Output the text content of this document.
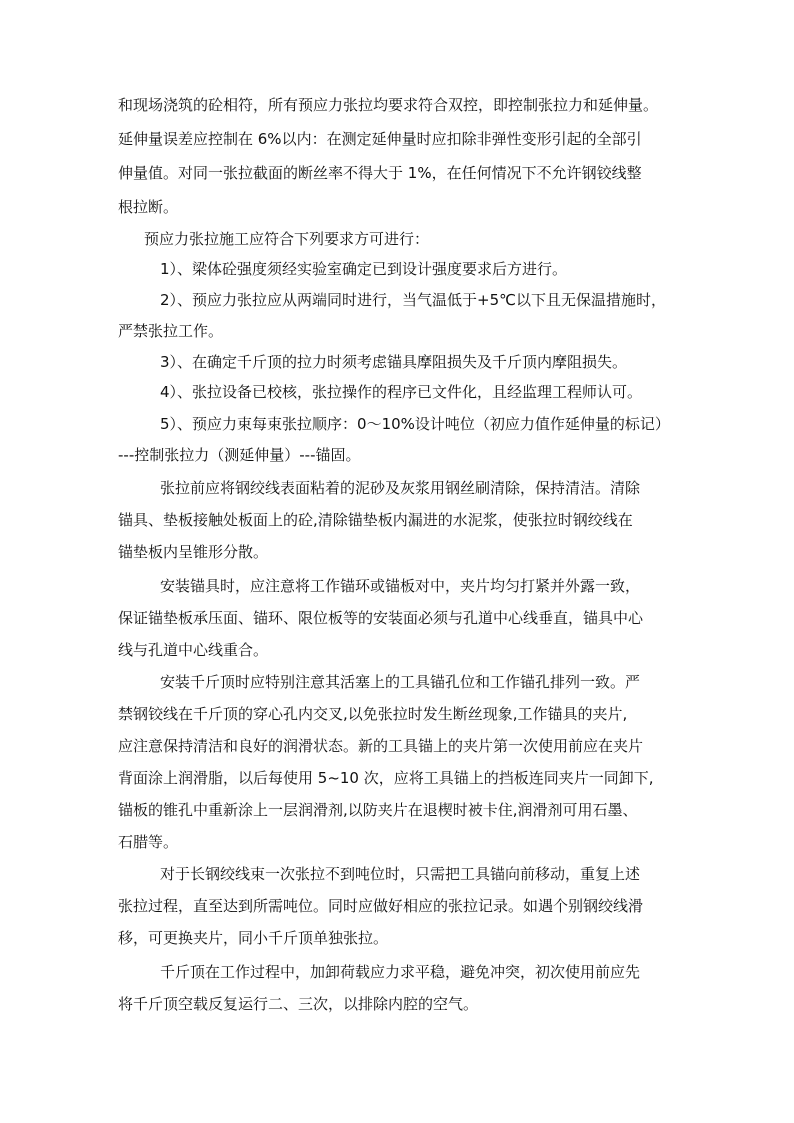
和现场浇筑的砼相符，所有预应力张拉均要求符合双控，即控制张拉力和延伸量。
延伸量误差应控制在 6%以内：在测定延伸量时应扣除非弹性变形引起的全部引
伸量值。对同一张拉截面的断丝率不得大于 1%，在任何情况下不允许钢铰线整
根拉断。
预应力张拉施工应符合下列要求方可进行：
1）、梁体砼强度须经实验室确定已到设计强度要求后方进行。
2）、预应力张拉应从两端同时进行，当气温低于+5℃以下且无保温措施时，
严禁张拉工作。
3）、在确定千斤顶的拉力时须考虑锚具摩阻损失及千斤顶内摩阻损失。
4）、张拉设备已校核，张拉操作的程序已文件化，且经监理工程师认可。
5）、预应力束每束张拉顺序：0～10%设计吨位（初应力值作延伸量的标记）
---控制张拉力（测延伸量）---锚固。
张拉前应将钢绞线表面粘着的泥砂及灰浆用钢丝刷清除，保持清洁。清除
锚具、垫板接触处板面上的砼,清除锚垫板内漏进的水泥浆，使张拉时钢绞线在
锚垫板内呈锥形分散。
安装锚具时，应注意将工作锚环或锚板对中，夹片均匀打紧并外露一致，
保证锚垫板承压面、锚环、限位板等的安装面必须与孔道中心线垂直，锚具中心
线与孔道中心线重合。
安装千斤顶时应特别注意其活塞上的工具锚孔位和工作锚孔排列一致。严
禁钢铰线在千斤顶的穿心孔内交叉,以免张拉时发生断丝现象,工作锚具的夹片,
应注意保持清洁和良好的润滑状态。新的工具锚上的夹片第一次使用前应在夹片
背面涂上润滑脂，以后每使用 5~10 次，应将工具锚上的挡板连同夹片一同卸下,
锚板的锥孔中重新涂上一层润滑剂,以防夹片在退楔时被卡住,润滑剂可用石墨、
石腊等。
对于长钢绞线束一次张拉不到吨位时，只需把工具锚向前移动，重复上述
张拉过程，直至达到所需吨位。同时应做好相应的张拉记录。如遇个别钢绞线滑
移，可更换夹片，同小千斤顶单独张拉。
千斤顶在工作过程中，加卸荷载应力求平稳，避免冲突，初次使用前应先
将千斤顶空载反复运行二、三次，以排除内腔的空气。
